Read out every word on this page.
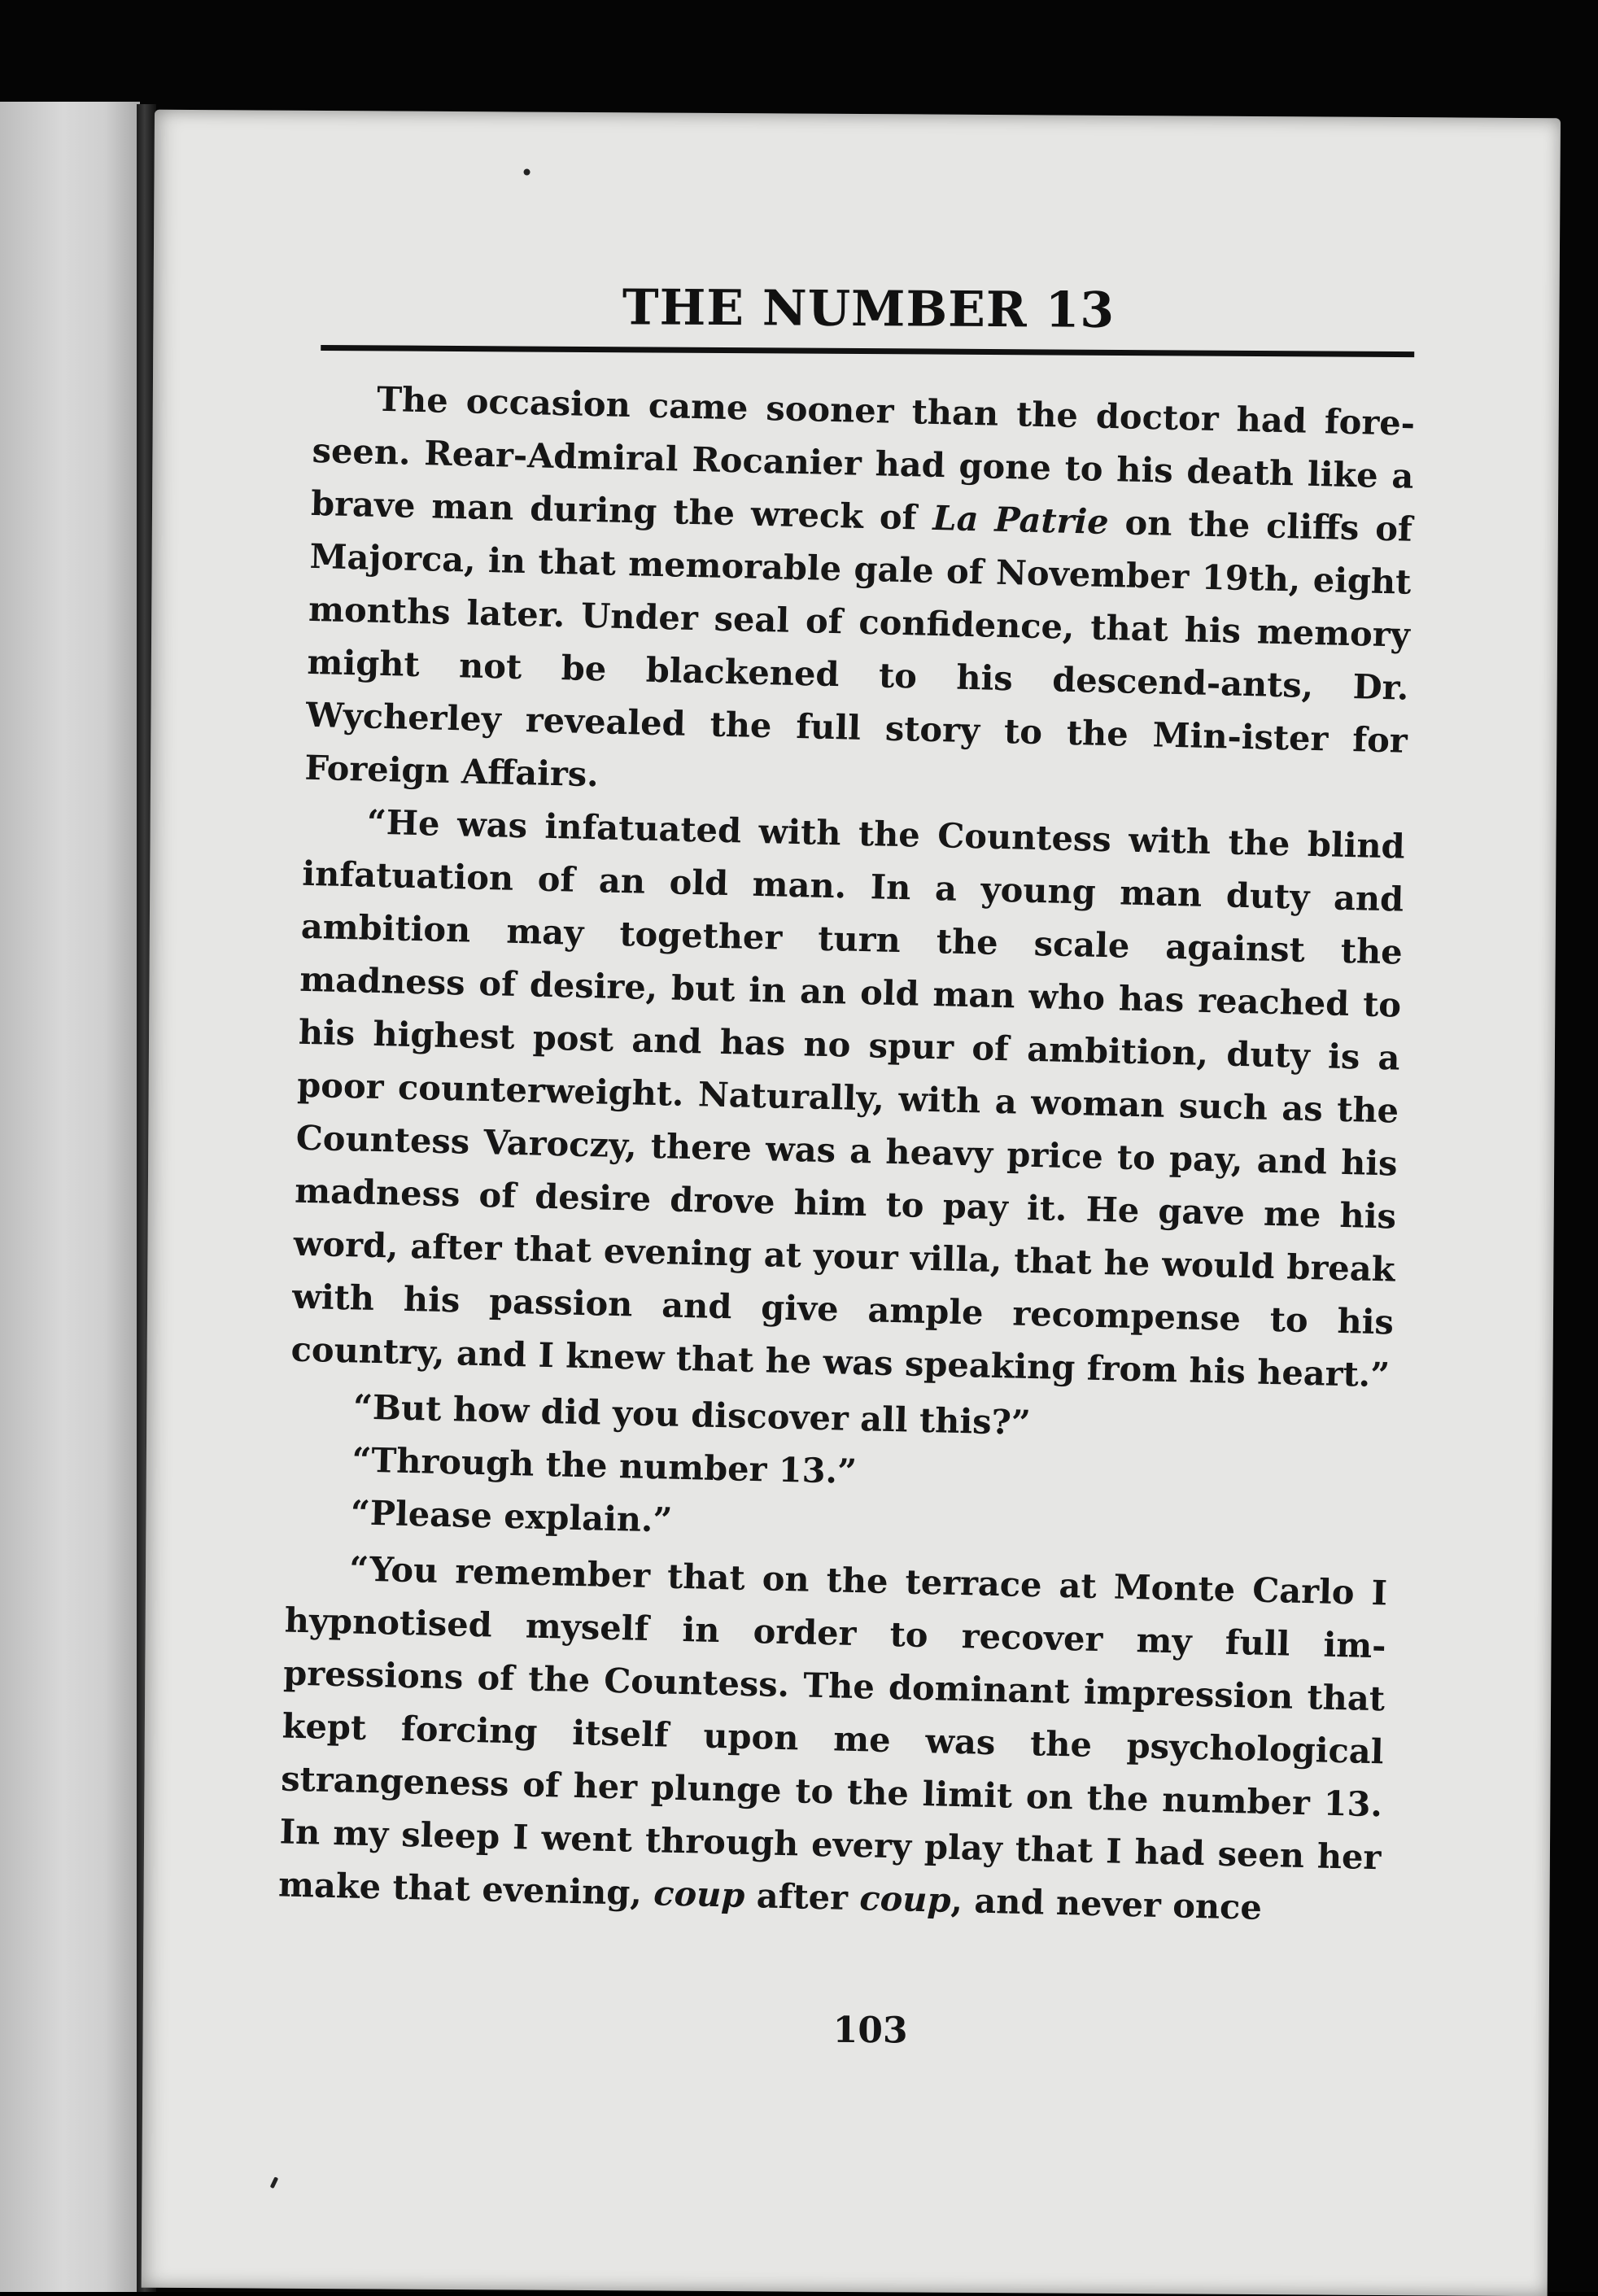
THE NUMBER 13

The occasion came sooner than the doctor had fore-seen. Rear-Admiral Rocanier had gone to his death like a brave man during the wreck of La Patrie on the cliffs of Majorca, in that memorable gale of November 19th, eight months later. Under seal of confidence, that his memory might not be blackened to his descend-ants, Dr. Wycherley revealed the full story to the Min-ister for Foreign Affairs.

“He was infatuated with the Countess with the blind infatuation of an old man. In a young man duty and ambition may together turn the scale against the madness of desire, but in an old man who has reached to his highest post and has no spur of ambition, duty is a poor counterweight. Naturally, with a woman such as the Countess Varoczy, there was a heavy price to pay, and his madness of desire drove him to pay it. He gave me his word, after that evening at your villa, that he would break with his passion and give ample recompense to his country, and I knew that he was speaking from his heart.”

“But how did you discover all this?”

“Through the number 13.”

“Please explain.”

“You remember that on the terrace at Monte Carlo I hypnotised myself in order to recover my full im-pressions of the Countess. The dominant impression that kept forcing itself upon me was the psychological strangeness of her plunge to the limit on the number 13. In my sleep I went through every play that I had seen her make that evening, coup after coup, and never once

103
